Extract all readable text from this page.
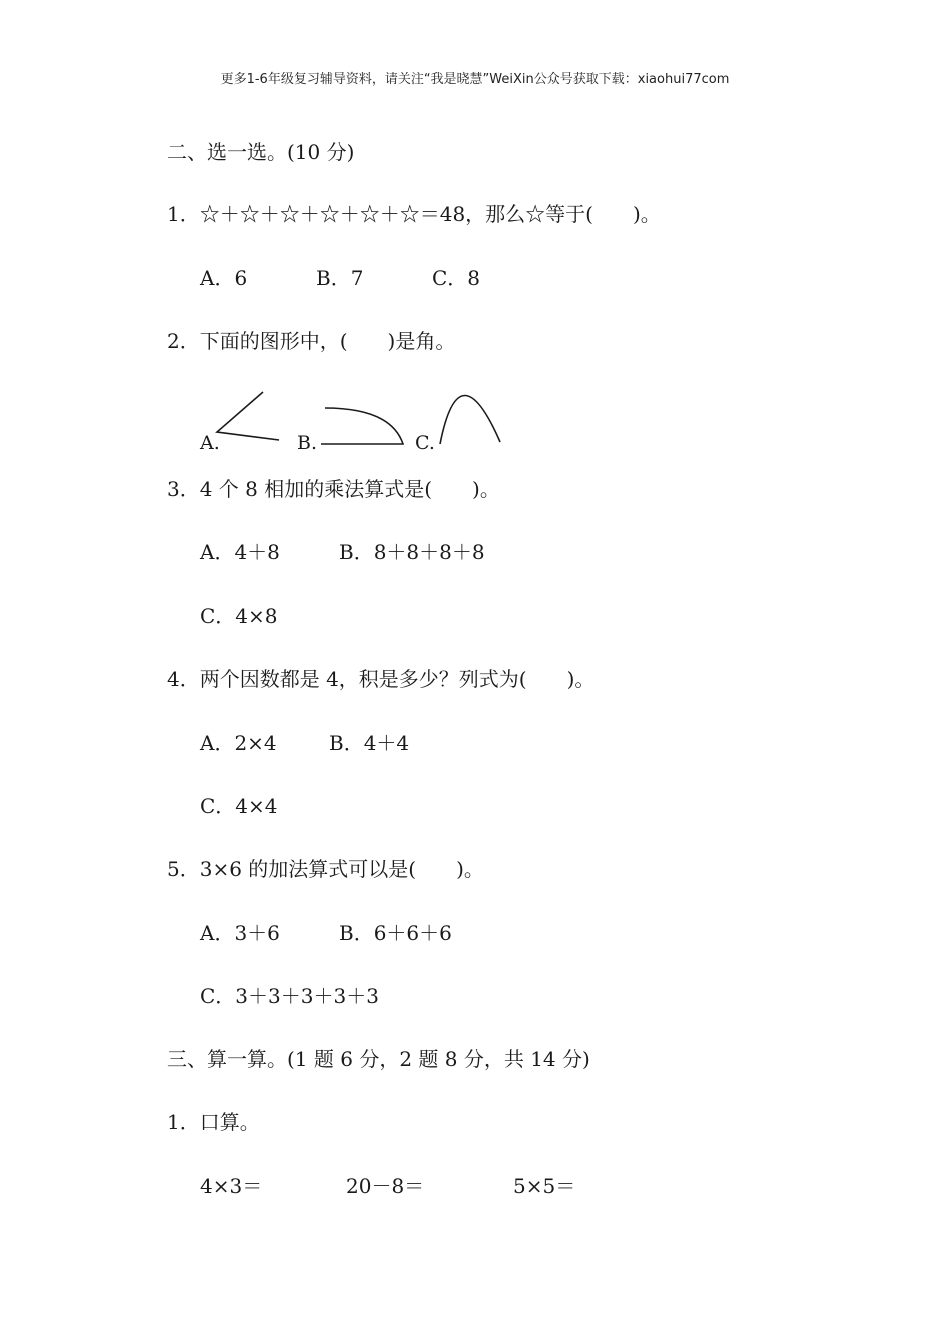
更多1-6年级复习辅导资料，请关注“我是晓慧”WeiXin公众号获取下载：xiaohui77com
二、选一选。(10 分)
1．☆＋☆＋☆＋☆＋☆＋☆＝48，那么☆等于(　　)。
A．6	B．7	C．8
2．下面的图形中，(　　)是角。
A.	B.	C.
3．4 个 8 相加的乘法算式是(　　)。
A．4＋8	B．8＋8＋8＋8
C．4×8
4．两个因数都是 4，积是多少？列式为(　　)。
A．2×4	B．4＋4
C．4×4
5．3×6 的加法算式可以是(　　)。
A．3＋6	B．6＋6＋6
C．3＋3＋3＋3＋3
三、算一算。(1 题 6 分，2 题 8 分，共 14 分)
1．口算。
4×3＝	20－8＝	5×5＝
